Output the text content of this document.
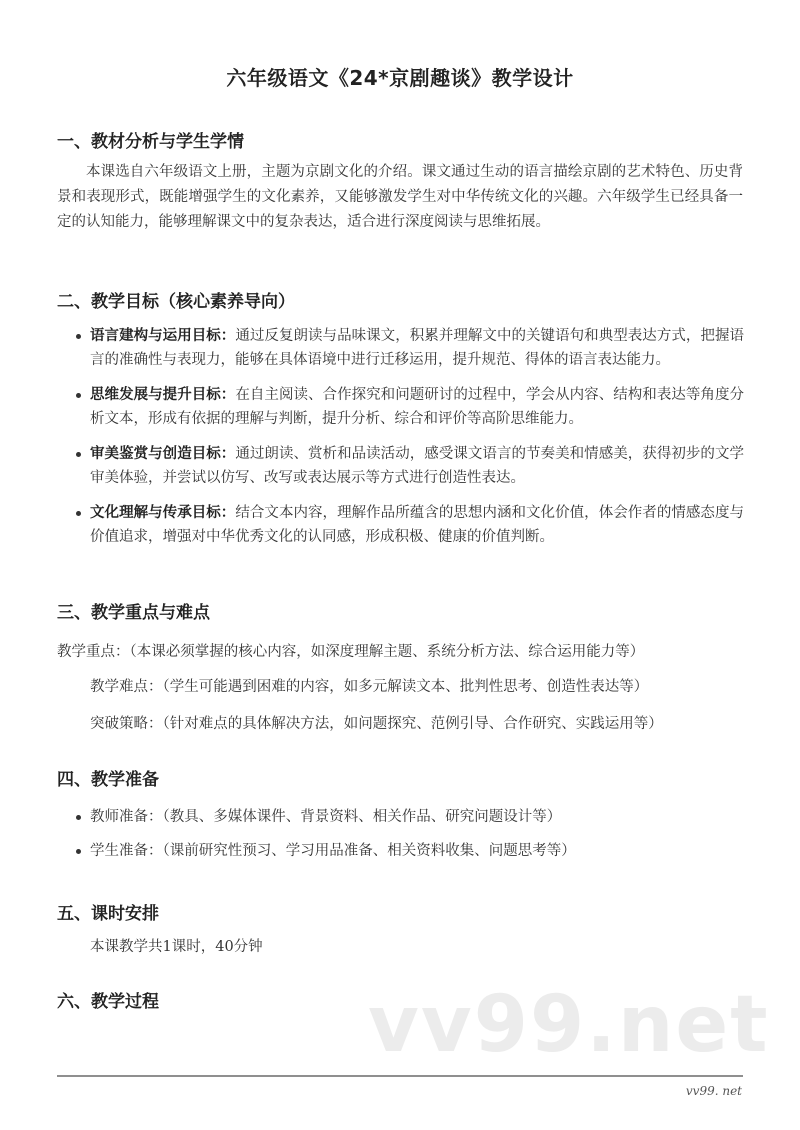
vv99.net
六年级语文《24*京剧趣谈》教学设计
一、教材分析与学生学情
本课选自六年级语文上册，主题为京剧文化的介绍。课文通过生动的语言描绘京剧的艺术特色、历史背景和表现形式，既能增强学生的文化素养，又能够激发学生对中华传统文化的兴趣。六年级学生已经具备一定的认知能力，能够理解课文中的复杂表达，适合进行深度阅读与思维拓展。
二、教学目标（核心素养导向）
语言建构与运用目标：通过反复朗读与品味课文，积累并理解文中的关键语句和典型表达方式，把握语言的准确性与表现力，能够在具体语境中进行迁移运用，提升规范、得体的语言表达能力。
思维发展与提升目标：在自主阅读、合作探究和问题研讨的过程中，学会从内容、结构和表达等角度分析文本，形成有依据的理解与判断，提升分析、综合和评价等高阶思维能力。
审美鉴赏与创造目标：通过朗读、赏析和品读活动，感受课文语言的节奏美和情感美，获得初步的文学审美体验，并尝试以仿写、改写或表达展示等方式进行创造性表达。
文化理解与传承目标：结合文本内容，理解作品所蕴含的思想内涵和文化价值，体会作者的情感态度与价值追求，增强对中华优秀文化的认同感，形成积极、健康的价值判断。
三、教学重点与难点
教学重点：（本课必须掌握的核心内容，如深度理解主题、系统分析方法、综合运用能力等）
教学难点：（学生可能遇到困难的内容，如多元解读文本、批判性思考、创造性表达等）
突破策略：（针对难点的具体解决方法，如问题探究、范例引导、合作研究、实践运用等）
四、教学准备
教师准备：（教具、多媒体课件、背景资料、相关作品、研究问题设计等）
学生准备：（课前研究性预习、学习用品准备、相关资料收集、问题思考等）
五、课时安排
本课教学共1课时，40分钟
六、教学过程
vv99. net
